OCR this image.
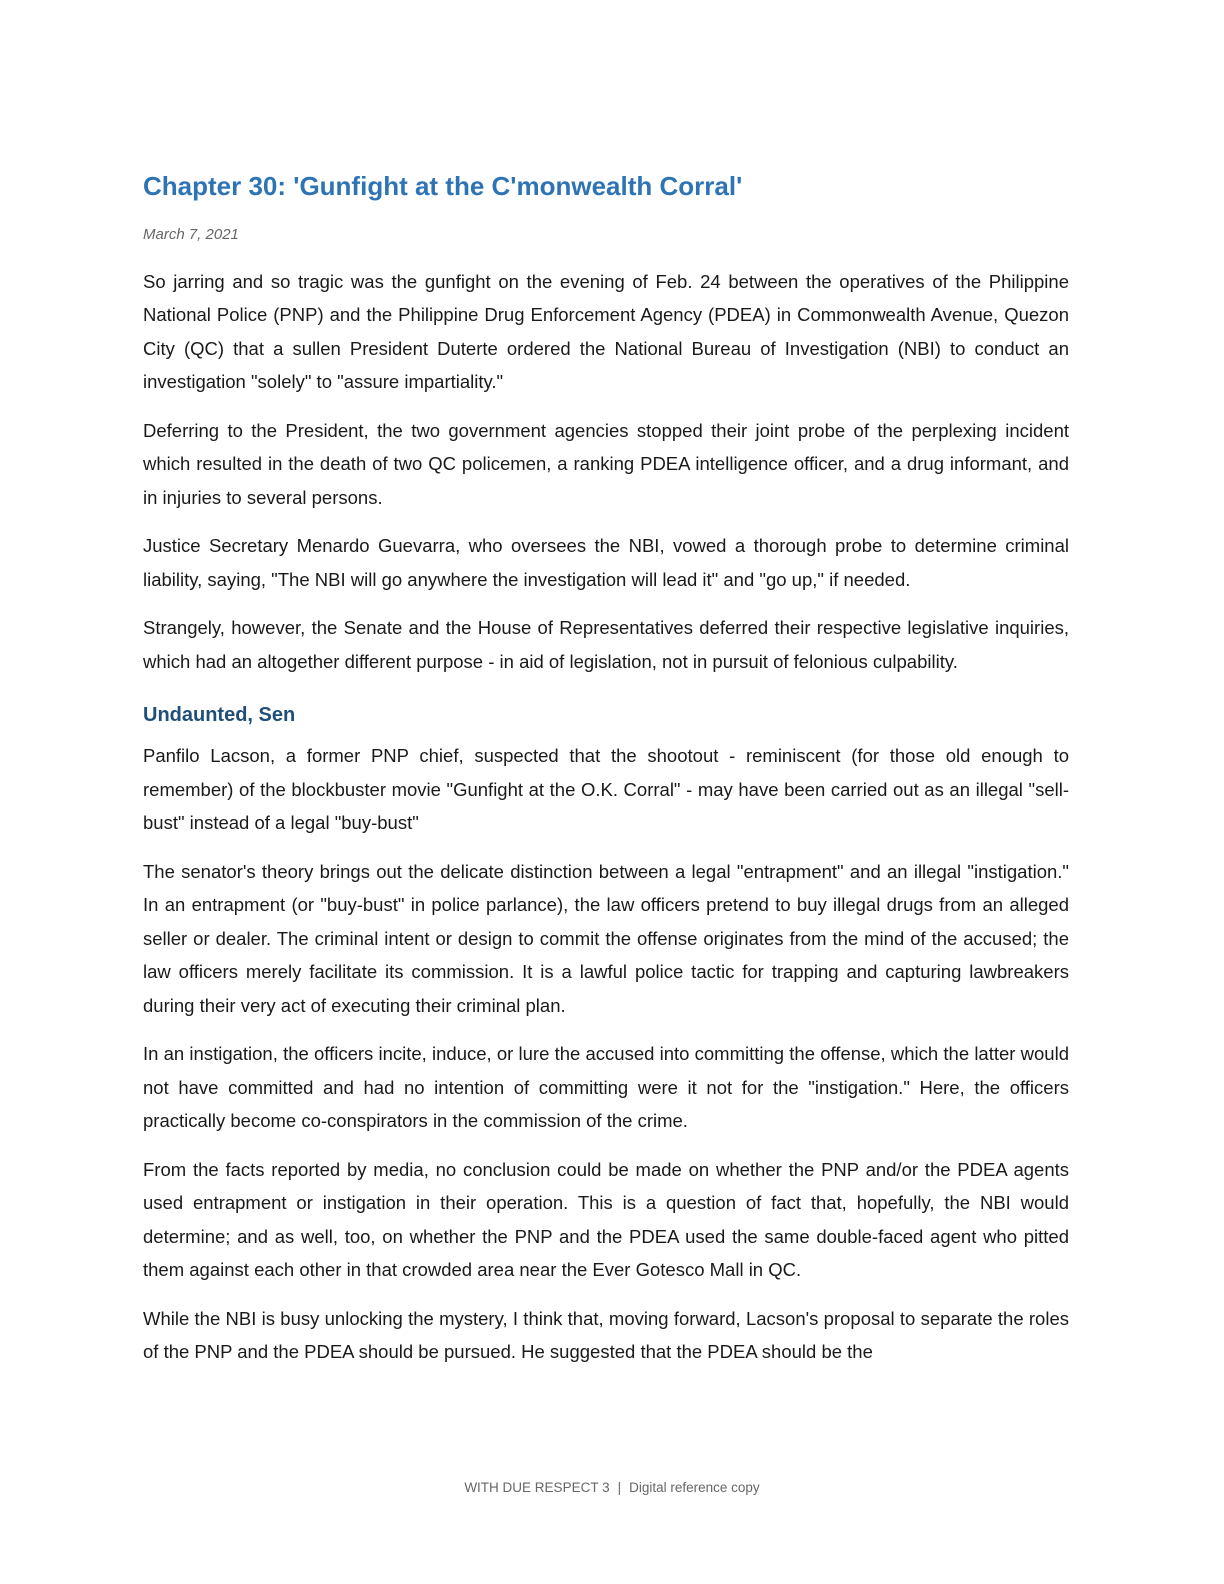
Chapter 30: 'Gunfight at the C'monwealth Corral'
March 7, 2021

So jarring and so tragic was the gunfight on the evening of Feb. 24 between the operatives of the Philippine National Police (PNP) and the Philippine Drug Enforcement Agency (PDEA) in Commonwealth Avenue, Quezon City (QC) that a sullen President Duterte ordered the National Bureau of Investigation (NBI) to conduct an investigation "solely" to "assure impartiality."

Deferring to the President, the two government agencies stopped their joint probe of the perplexing incident which resulted in the death of two QC policemen, a ranking PDEA intelligence officer, and a drug informant, and in injuries to several persons.

Justice Secretary Menardo Guevarra, who oversees the NBI, vowed a thorough probe to determine criminal liability, saying, "The NBI will go anywhere the investigation will lead it" and "go up," if needed.

Strangely, however, the Senate and the House of Representatives deferred their respective legislative inquiries, which had an altogether different purpose - in aid of legislation, not in pursuit of felonious culpability.

Undaunted, Sen

Panfilo Lacson, a former PNP chief, suspected that the shootout - reminiscent (for those old enough to remember) of the blockbuster movie "Gunfight at the O.K. Corral" - may have been carried out as an illegal "sell-bust" instead of a legal "buy-bust"

The senator's theory brings out the delicate distinction between a legal "entrapment" and an illegal "instigation." In an entrapment (or "buy-bust" in police parlance), the law officers pretend to buy illegal drugs from an alleged seller or dealer. The criminal intent or design to commit the offense originates from the mind of the accused; the law officers merely facilitate its commission. It is a lawful police tactic for trapping and capturing lawbreakers during their very act of executing their criminal plan.

In an instigation, the officers incite, induce, or lure the accused into committing the offense, which the latter would not have committed and had no intention of committing were it not for the "instigation." Here, the officers practically become co-conspirators in the commission of the crime.

From the facts reported by media, no conclusion could be made on whether the PNP and/or the PDEA agents used entrapment or instigation in their operation. This is a question of fact that, hopefully, the NBI would determine; and as well, too, on whether the PNP and the PDEA used the same double-faced agent who pitted them against each other in that crowded area near the Ever Gotesco Mall in QC.

While the NBI is busy unlocking the mystery, I think that, moving forward, Lacson's proposal to separate the roles of the PNP and the PDEA should be pursued. He suggested that the PDEA should be the

WITH DUE RESPECT 3 | Digital reference copy
